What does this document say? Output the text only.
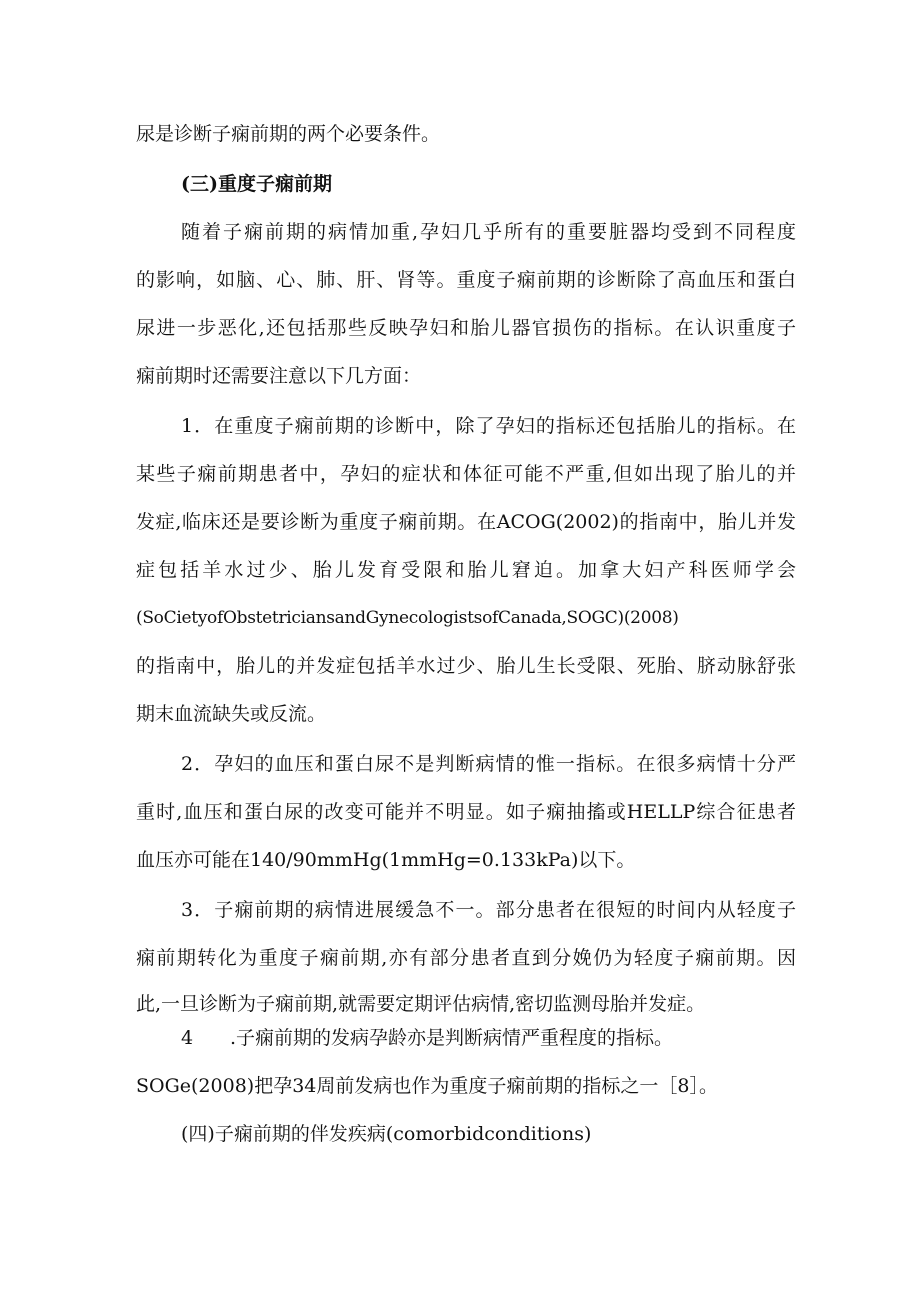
尿是诊断子痫前期的两个必要条件。
(三)重度子痫前期
随着子痫前期的病情加重,孕妇几乎所有的重要脏器均受到不同程度
的影响，如脑、心、肺、肝、肾等。重度子痫前期的诊断除了高血压和蛋白
尿进一步恶化,还包括那些反映孕妇和胎儿器官损伤的指标。在认识重度子
痫前期时还需要注意以下几方面：
1．在重度子痫前期的诊断中，除了孕妇的指标还包括胎儿的指标。在
某些子痫前期患者中，孕妇的症状和体征可能不严重,但如出现了胎儿的并
发症,临床还是要诊断为重度子痫前期。在ACOG(2002)的指南中，胎儿并发
症包括羊水过少、胎儿发育受限和胎儿窘迫。加拿大妇产科医师学会
(SoCietyofObstetriciansandGynecologistsofCanada,SOGC)(2008)
的指南中，胎儿的并发症包括羊水过少、胎儿生长受限、死胎、脐动脉舒张
期末血流缺失或反流。
2．孕妇的血压和蛋白尿不是判断病情的惟一指标。在很多病情十分严
重时,血压和蛋白尿的改变可能并不明显。如子痫抽搐或HELLP综合征患者
血压亦可能在140/90mmHg(1mmHg=0.133kPa)以下。
3．子痫前期的病情进展缓急不一。部分患者在很短的时间内从轻度子
痫前期转化为重度子痫前期,亦有部分患者直到分娩仍为轻度子痫前期。因
此,一旦诊断为子痫前期,就需要定期评估病情,密切监测母胎并发症。
4 .子痫前期的发病孕龄亦是判断病情严重程度的指标。
SOGe(2008)把孕34周前发病也作为重度子痫前期的指标之一［8］。
(四)子痫前期的伴发疾病(comorbidconditions)
